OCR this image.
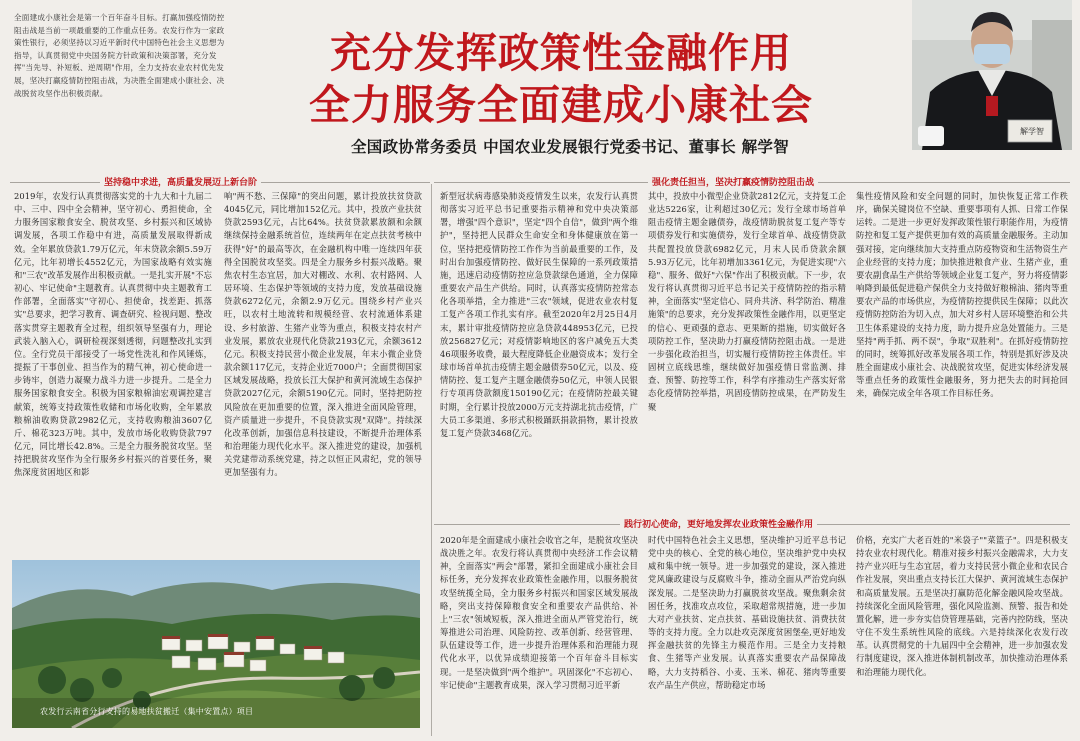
全面建成小康社会是第一个百年奋斗目标。打赢加强疫情防控阻击战是当前一项最重要的工作重点任务。农发行作为一家政策性银行，必须坚持以习近平新时代中国特色社会主义思想为指导，认真贯彻党中央国务院方针政策和决策部署，充分发挥"当先导、补短板、逆周期"作用，全力支持农业农村优先发展，坚决打赢疫情防控阻击战，为决胜全面建成小康社会、决战脱贫攻坚作出积极贡献。
充分发挥政策性金融作用
全力服务全面建成小康社会
解学智
全国政协常务委员 中国农业发展银行党委书记、董事长 解学智
坚持稳中求进，高质量发展迈上新台阶	强化责任担当，坚决打赢疫情防控阻击战
践行初心使命，更好地发挥农业政策性金融作用
2019年，农发行认真贯彻落实党的十九大和十九届二中、三中、四中全会精神，坚守初心、勇担使命，全力服务国家粮食安全、脱贫攻坚、乡村振兴和区域协调发展，各项工作稳中有进，高质量发展取得新成效。全年累放贷款1.79万亿元，年末贷款余额5.59万亿元，比年初增长4552亿元，为国家战略有效实施和"三农"改革发展作出积极贡献。一是扎实开展"不忘初心、牢记使命"主题教育。认真贯彻中央主题教育工作部署，全面落实"守初心、担使命，找差距、抓落实"总要求，把学习教育、调查研究、检视问题、整改落实贯穿主题教育全过程，组织领导坚强有力，理论武装入脑入心，调研检视深刻透彻，问题整改扎实到位。全行党员干部接受了一场党性洗礼和作风锤炼，提振了干事创业、担当作为的精气神，初心使命进一步铸牢，创造力凝聚力战斗力进一步提升。二是全力服务国家粮食安全。积极为国家粮棉油宏观调控建言献策，统筹支持政策性收储和市场化收购，全年累放粮棉油收购贷款2982亿元，支持收购粮油3607亿斤、棉花323万吨。其中，发放市场化收购贷款797亿元，同比增长42.8%。三是全力服务脱贫攻坚。坚持把脱贫攻坚作为全行服务乡村振兴的首要任务，聚焦深度贫困地区和影
响"两不愁、三保障"的突出问题，累计投放扶贫贷款4045亿元，同比增加152亿元。其中，投放产业扶贫贷款2593亿元，占比64%。扶贫贷款累放额和余额继续保持金融系统首位，连续两年在定点扶贫考核中获得"好"的最高等次，在金融机构中唯一连续四年获得全国脱贫攻坚奖。四是全力服务乡村振兴战略。聚焦农村生态宜居，加大对棚改、水利、农村路网、人居环境、生态保护等领域的支持力度，发放基础设施贷款6272亿元，余额2.9万亿元。围绕乡村产业兴旺，以农村土地流转和规模经营、农村流通体系建设、乡村旅游、生猪产业等为重点，积极支持农村产业发展，累放农业现代化贷款2193亿元，余额3612亿元。积极支持民营小微企业发展，年末小微企业贷款余额117亿元，支持企业近7000户；全面贯彻国家区域发展战略，投放长江大保护和黄河流域生态保护贷款2027亿元，余额5190亿元。同时，坚持把防控风险放在更加重要的位置，深入推进全面风险管理，资产质量进一步提升，不良贷款实现"双降"。持续深化改革创新，加强信息科技建设，不断提升治理体系和治理能力现代化水平。深入推进党的建设，加强机关党建带动系统党建，持之以恒正风肃纪，党的领导更加坚强有力。
新型冠状病毒感染肺炎疫情发生以来，农发行认真贯彻落实习近平总书记重要指示精神和党中央决策部署，增强"四个意识"，坚定"四个自信"，做到"两个维护"，坚持把人民群众生命安全和身体健康放在第一位，坚持把疫情防控工作作为当前最重要的工作，及时出台加强疫情防控、做好民生保障的一系列政策措施，迅速启动疫情防控应急贷款绿色通道，全力保障重要农产品生产供给。同时，认真落实疫情防控常态化各项举措，全力推进"三农"领域，促进农业农村复工复产各项工作扎实有序。截至2020年2月25日4月末，累计审批疫情防控应急贷款448953亿元，已投放256827亿元；对疫情影响地区的客户减免五大类46项服务收费，最大程度降低企业融资成本；发行全球市场首单抗击疫情主题金融债券50亿元，以及、疫情防控、复工复产主题金融债券50亿元，申领人民银行专项再贷款额度150190亿元；在疫情防控最关键时期，全行累计投放2000万元支持湖北抗击疫情，广大员工多渠道、多形式积极踊跃捐款捐物，累计投放复工复产贷款3468亿元。
其中，投放中小微型企业贷款2812亿元，支持复工企业达5226家，让利超过30亿元；发行全球市场首单阻击疫情主题金融债券，战疫情助脱贫复工复产等专项债券发行和实施债券，发行全球首单、战疫情贷款共配置投放贷款6982亿元，月末人民币贷款余额5.93万亿元，比年初增加3361亿元，为促进实现"六稳"、服务、做好"六保"作出了积极贡献。下一步，农发行将认真贯彻习近平总书记关于疫情防控的指示精神，全面落实"坚定信心、同舟共济、科学防治、精准施策"的总要求，充分发挥政策性金融作用，以更坚定的信心、更顽强的意志、更果断的措施，切实做好各项防控工作，坚决助力打赢疫情防控阻击战。一是进一步强化政治担当，切实履行疫情防控主体责任。牢固树立底线思维，继续做好加强疫情日常监测、排查、预警、防控等工作，科学有序推动生产落实好常态化疫情防控举措，巩固疫情防控成果，在严防发生聚
集性疫情风险和安全问题的同时，加快恢复正常工作秩序，确保关键岗位不空缺、重要事项有人抓、日常工作保运转。二是进一步更好发挥政策性银行职能作用，为疫情防控和复工复产提供更加有效的高质量金融服务。主动加强对接，定向继续加大支持重点防疫物资和生活物资生产企业经营的支持力度；加快推进粮食产业、生猪产业，重要农副食品生产供给等领域企业复工复产，努力将疫情影响降到最低促进稳产保供全力支持做好粮棉油、猪肉等重要农产品的市场供应，为疫情防控提供民生保障；以此次疫情防控防治为切入点，加大对乡村人居环境整治和公共卫生体系建设的支持力度，助力提升应急处置能力。三是坚持"两手抓、两不误"，争取"双胜利"。在抓好疫情防控的同时，统筹抓好改革发展各项工作，特别是抓好涉及决胜全面建成小康社会、决战脱贫攻坚，促进实体经济发展等重点任务的政策性金融服务，努力把失去的时间抢回来，确保完成全年各项工作目标任务。
2020年是全面建成小康社会收官之年，是脱贫攻坚决战决胜之年。农发行将认真贯彻中央经济工作会议精神，全面落实"两会"部署，紧扣全面建成小康社会目标任务，充分发挥农业政策性金融作用，以服务脱贫攻坚统揽全局，全力服务乡村振兴和国家区域发展战略，突出支持保障粮食安全和重要农产品供给、补上"三农"领域短板，深入推进全面从严管党治行，统筹推进公司治理、风险防控、改革创新、经营管理、队伍建设等工作，进一步提升治理体系和治理能力现代化水平，以优异成绩迎接第一个百年奋斗目标实现。一是坚决做到"两个维护"。巩固深化"不忘初心、牢记使命"主题教育成果，深入学习贯彻习近平新
时代中国特色社会主义思想，坚决维护习近平总书记党中央的核心、全党的核心地位，坚决维护党中央权威和集中统一领导。进一步加强党的建设，深入推进党风廉政建设与反腐败斗争，推动全面从严治党向纵深发展。二是坚决助力打赢脱贫攻坚战。聚焦剩余贫困任务，找准攻点攻位，采取超常规措施，进一步加大对产业扶贫、定点扶贫、基础设施扶贫、消费扶贫等的支持力度。全力以赴攻克深度贫困堡垒,更好地发挥金融扶贫的先锋主力模范作用。三是全力支持粮食、生猪等产业发展。认真落实重要农产品保障战略，大力支持稻谷、小麦、玉米、棉花、猪肉等重要农产品生产供应，帮助稳定市场
价格，充实广大老百姓的"米袋子""菜篮子"。四是积极支持农业农村现代化。精准对接乡村振兴金融需求，大力支持产业兴旺与生态宜居，着力支持民营小微企业和农民合作社发展，突出重点支持长江大保护、黄河流域生态保护和高质量发展。五是坚决打赢防范化解金融风险攻坚战。持续深化全面风险管理，强化风险监测、预警、报告和处置化解，进一步夯实信贷管理基础，完善内控防线，坚决守住不发生系统性风险的底线。六是持续深化农发行改革。认真贯彻党的十九届四中全会精神，进一步加强农发行制度建设，深入推进体制机制改革，加快推动治理体系和治理能力现代化。
农发行云南省分行支持的易地扶贫搬迁（集中安置点）项目
